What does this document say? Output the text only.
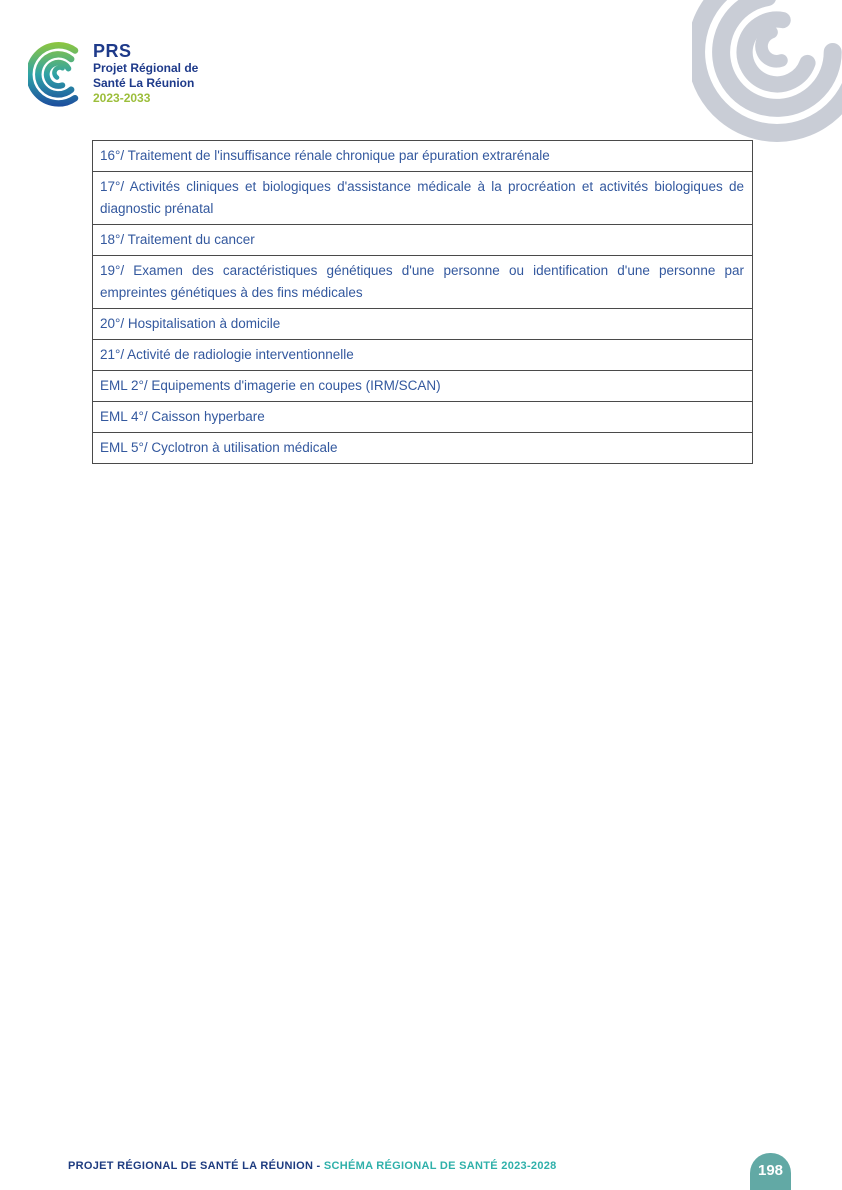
PRS
Projet Régional de
Santé La Réunion
2023-2033
16°/ Traitement de l'insuffisance rénale chronique par épuration extrarénale
17°/ Activités cliniques et biologiques d'assistance médicale à la procréation et activités biologiques de diagnostic prénatal
18°/ Traitement du cancer
19°/ Examen des caractéristiques génétiques d'une personne ou identification d'une personne par empreintes génétiques à des fins médicales
20°/ Hospitalisation à domicile
21°/ Activité de radiologie interventionnelle
EML 2°/ Equipements d'imagerie en coupes (IRM/SCAN)
EML 4°/ Caisson hyperbare
EML 5°/ Cyclotron à utilisation médicale
PROJET RÉGIONAL DE SANTÉ LA RÉUNION - SCHÉMA RÉGIONAL DE SANTÉ 2023-2028	198
